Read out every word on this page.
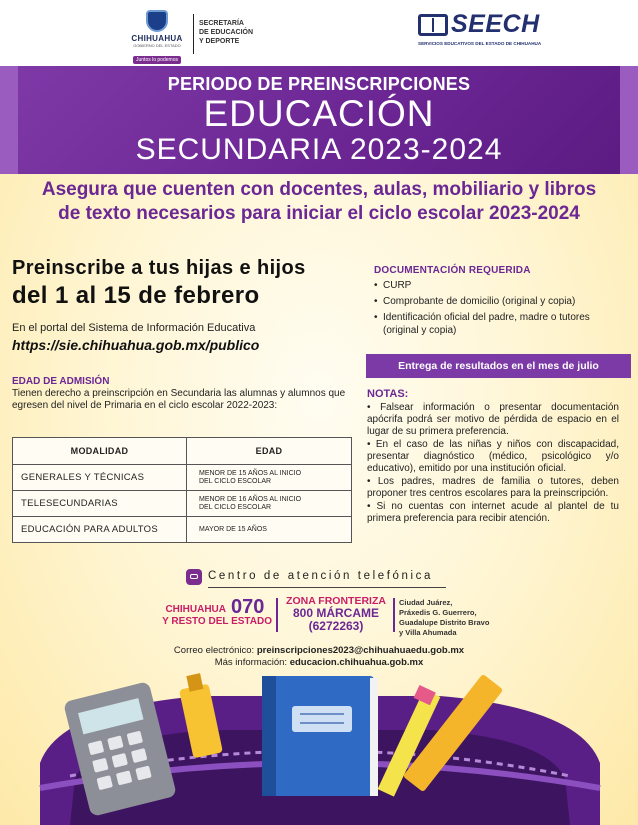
CHIHUAHUA
GOBIERNO DEL ESTADO
Juntos lo podemos
SECRETARÍA
DE EDUCACIÓN
Y DEPORTE
SEECH
SERVICIOS EDUCATIVOS DEL ESTADO DE CHIHUAHUA
PERIODO DE PREINSCRIPCIONES
EDUCACIÓN
SECUNDARIA 2023-2024
Asegura que cuenten con docentes, aulas, mobiliario y libros
de texto necesarios para iniciar el ciclo escolar 2023-2024
Preinscribe a tus hijas e hijos
del 1 al 15 de febrero
En el portal del Sistema de Información Educativa
https://sie.chihuahua.gob.mx/publico
EDAD DE ADMISIÓN
Tienen derecho a preinscripción en Secundaria las alumnas y alumnos que egresen del nivel de Primaria en el ciclo escolar 2022-2023:
MODALIDAD	EDAD
GENERALES Y TÉCNICAS	MENOR DE 15 AÑOS AL INICIO
DEL CICLO ESCOLAR

TELESECUNDARIAS	MENOR DE 16 AÑOS AL INICIO
DEL CICLO ESCOLAR

EDUCACIÓN PARA ADULTOS	MAYOR DE 15 AÑOS
DOCUMENTACIÓN REQUERIDA
• CURP
• Comprobante de domicilio (original y copia)
• Identificación oficial del padre, madre o tutores (original y copia)
Entrega de resultados en el mes de julio
NOTAS:
• Falsear información o presentar documentación apócrifa podrá ser motivo de pérdida de espacio en el lugar de su primera preferencia.
• En el caso de las niñas y niños con discapacidad, presentar diagnóstico (médico, psicológico y/o educativo), emitido por una institución oficial.
• Los padres, madres de familia o tutores, deben proponer tres centros escolares para la preinscripción.
• Si no cuentas con internet acude al plantel de tu primera preferencia para recibir atención.
Centro de atención telefónica
CHIHUAHUA
Y RESTO DEL ESTADO
070	ZONA FRONTERIZA
800 MÁRCAME
(6272263)
Ciudad Juárez,
Práxedis G. Guerrero,
Guadalupe Distrito Bravo
y Villa Ahumada
Correo electrónico: preinscripciones2023@chihuahuaedu.gob.mx
Más información: educacion.chihuahua.gob.mx
